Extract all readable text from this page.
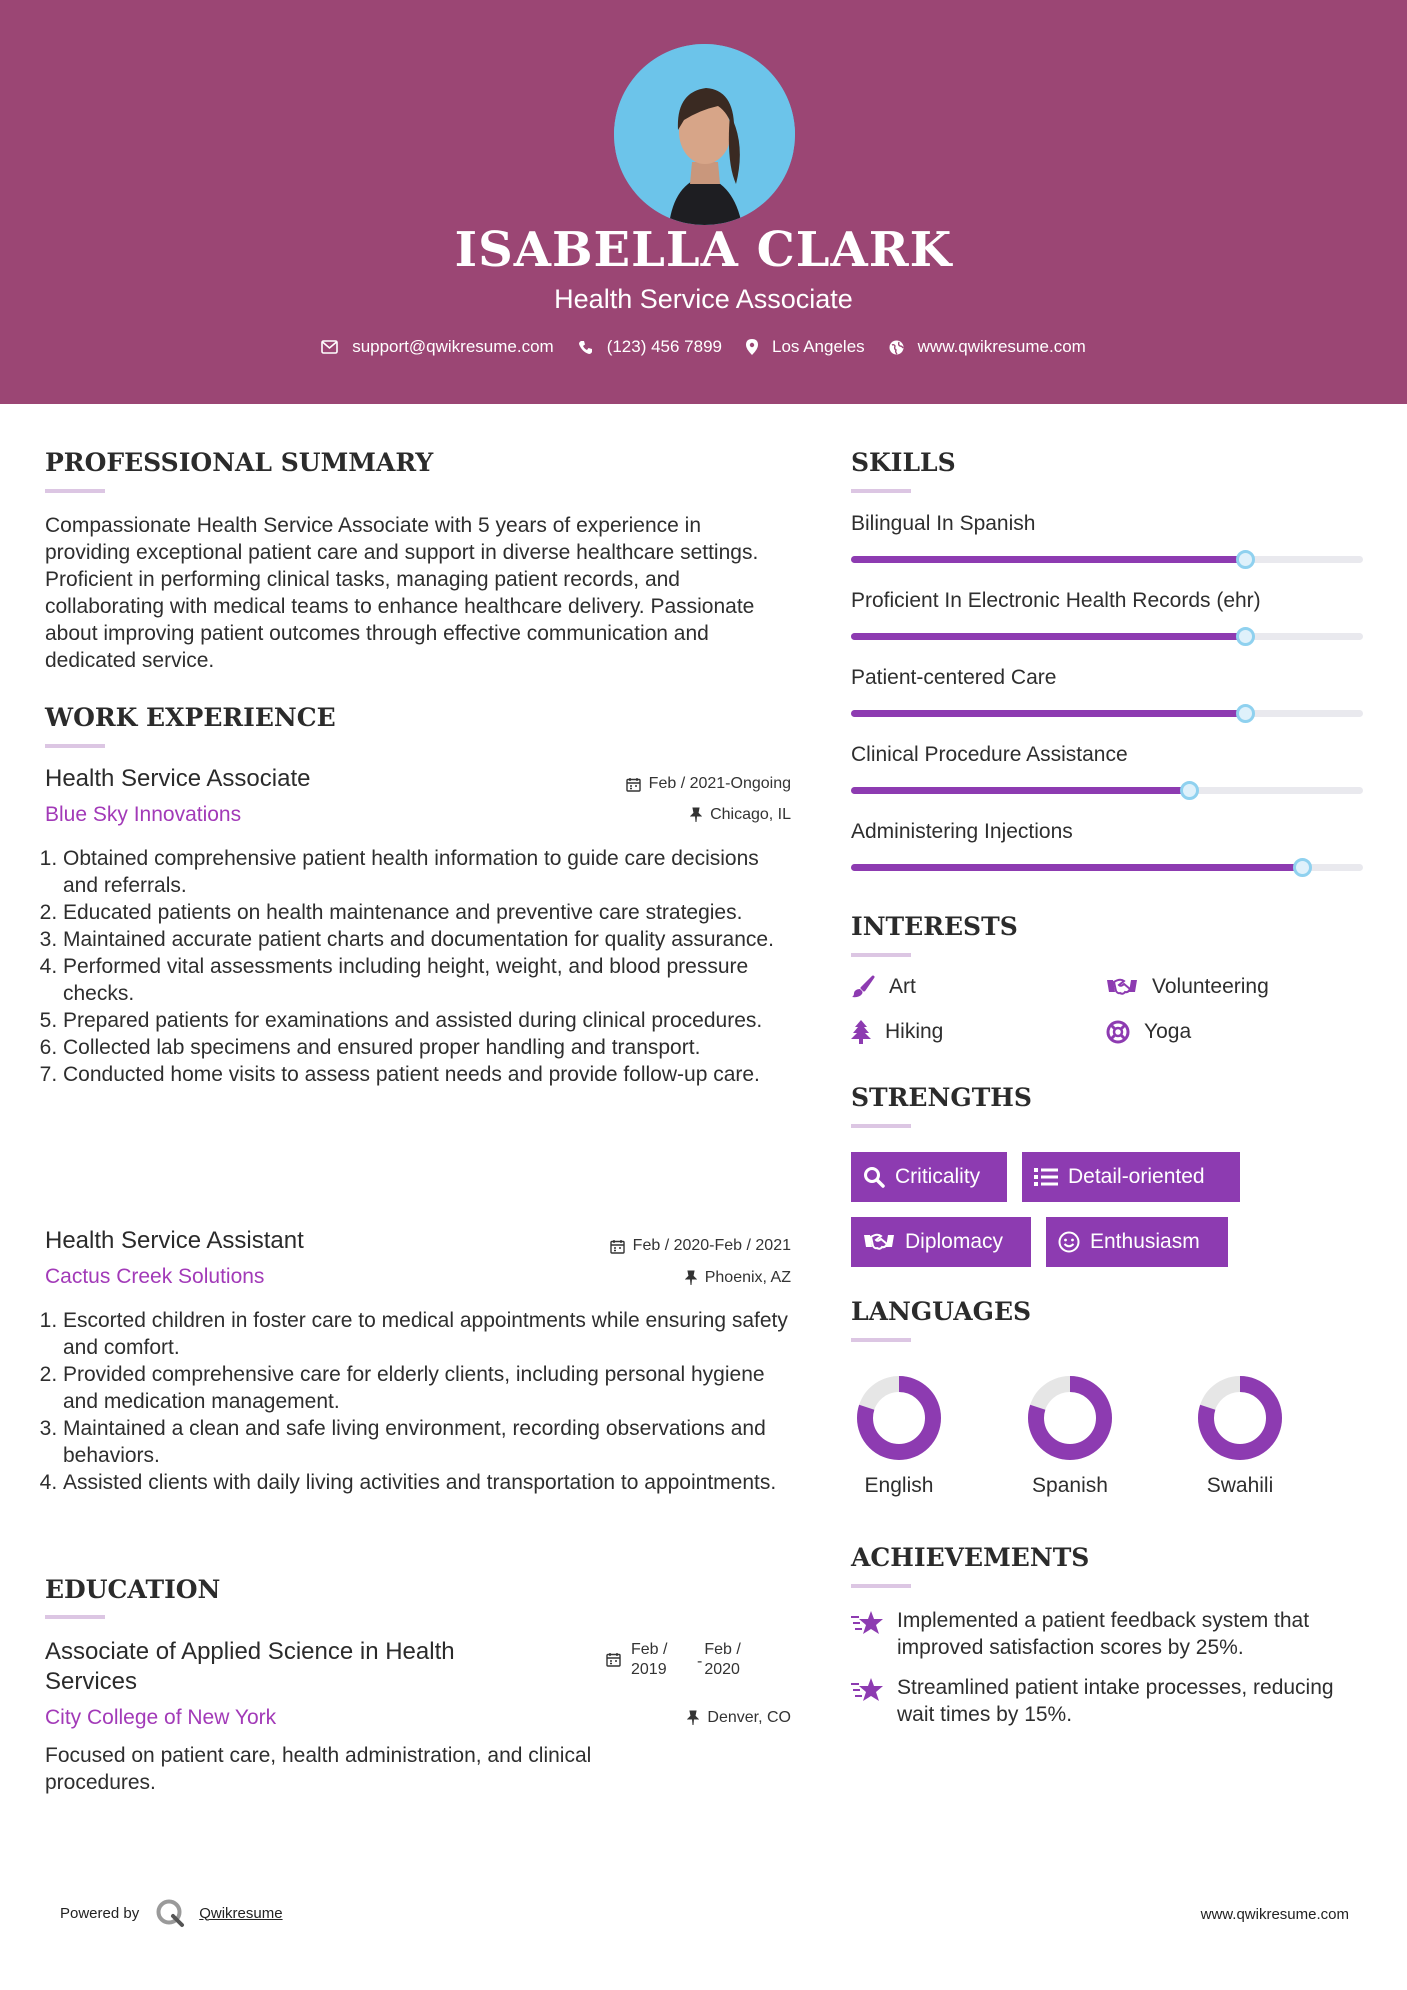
ISABELLA CLARK
Health Service Associate
support@qwikresume.com	(123) 456 7899	Los Angeles	www.qwikresume.com
PROFESSIONAL SUMMARY
Compassionate Health Service Associate with 5 years of experience in providing exceptional patient care and support in diverse healthcare settings. Proficient in performing clinical tasks, managing patient records, and collaborating with medical teams to enhance healthcare delivery. Passionate about improving patient outcomes through effective communication and dedicated service.
WORK EXPERIENCE
Health Service Associate	Feb / 2021-Ongoing
Blue Sky Innovations	Chicago, IL
1. Obtained comprehensive patient health information to guide care decisions and referrals.
2. Educated patients on health maintenance and preventive care strategies.
3. Maintained accurate patient charts and documentation for quality assurance.
4. Performed vital assessments including height, weight, and blood pressure checks.
5. Prepared patients for examinations and assisted during clinical procedures.
6. Collected lab specimens and ensured proper handling and transport.
7. Conducted home visits to assess patient needs and provide follow-up care.
Health Service Assistant	Feb / 2020-Feb / 2021
Cactus Creek Solutions	Phoenix, AZ
1. Escorted children in foster care to medical appointments while ensuring safety and comfort.
2. Provided comprehensive care for elderly clients, including personal hygiene and medication management.
3. Maintained a clean and safe living environment, recording observations and behaviors.
4. Assisted clients with daily living activities and transportation to appointments.
EDUCATION
Associate of Applied Science in Health Services
Feb / 2019	-
Feb / 2020
City College of New York	Denver, CO
Focused on patient care, health administration, and clinical procedures.
SKILLS
Bilingual In Spanish
Proficient In Electronic Health Records (ehr)
Patient-centered Care
Clinical Procedure Assistance
Administering Injections
INTERESTS
Art	Volunteering
Hiking	Yoga
STRENGTHS
Criticality	Detail-oriented
Diplomacy	Enthusiasm
LANGUAGES
English	Spanish	Swahili
ACHIEVEMENTS
Implemented a patient feedback system that improved satisfaction scores by 25%.
Streamlined patient intake processes, reducing wait times by 15%.
Powered by	Qwikresume	www.qwikresume.com
